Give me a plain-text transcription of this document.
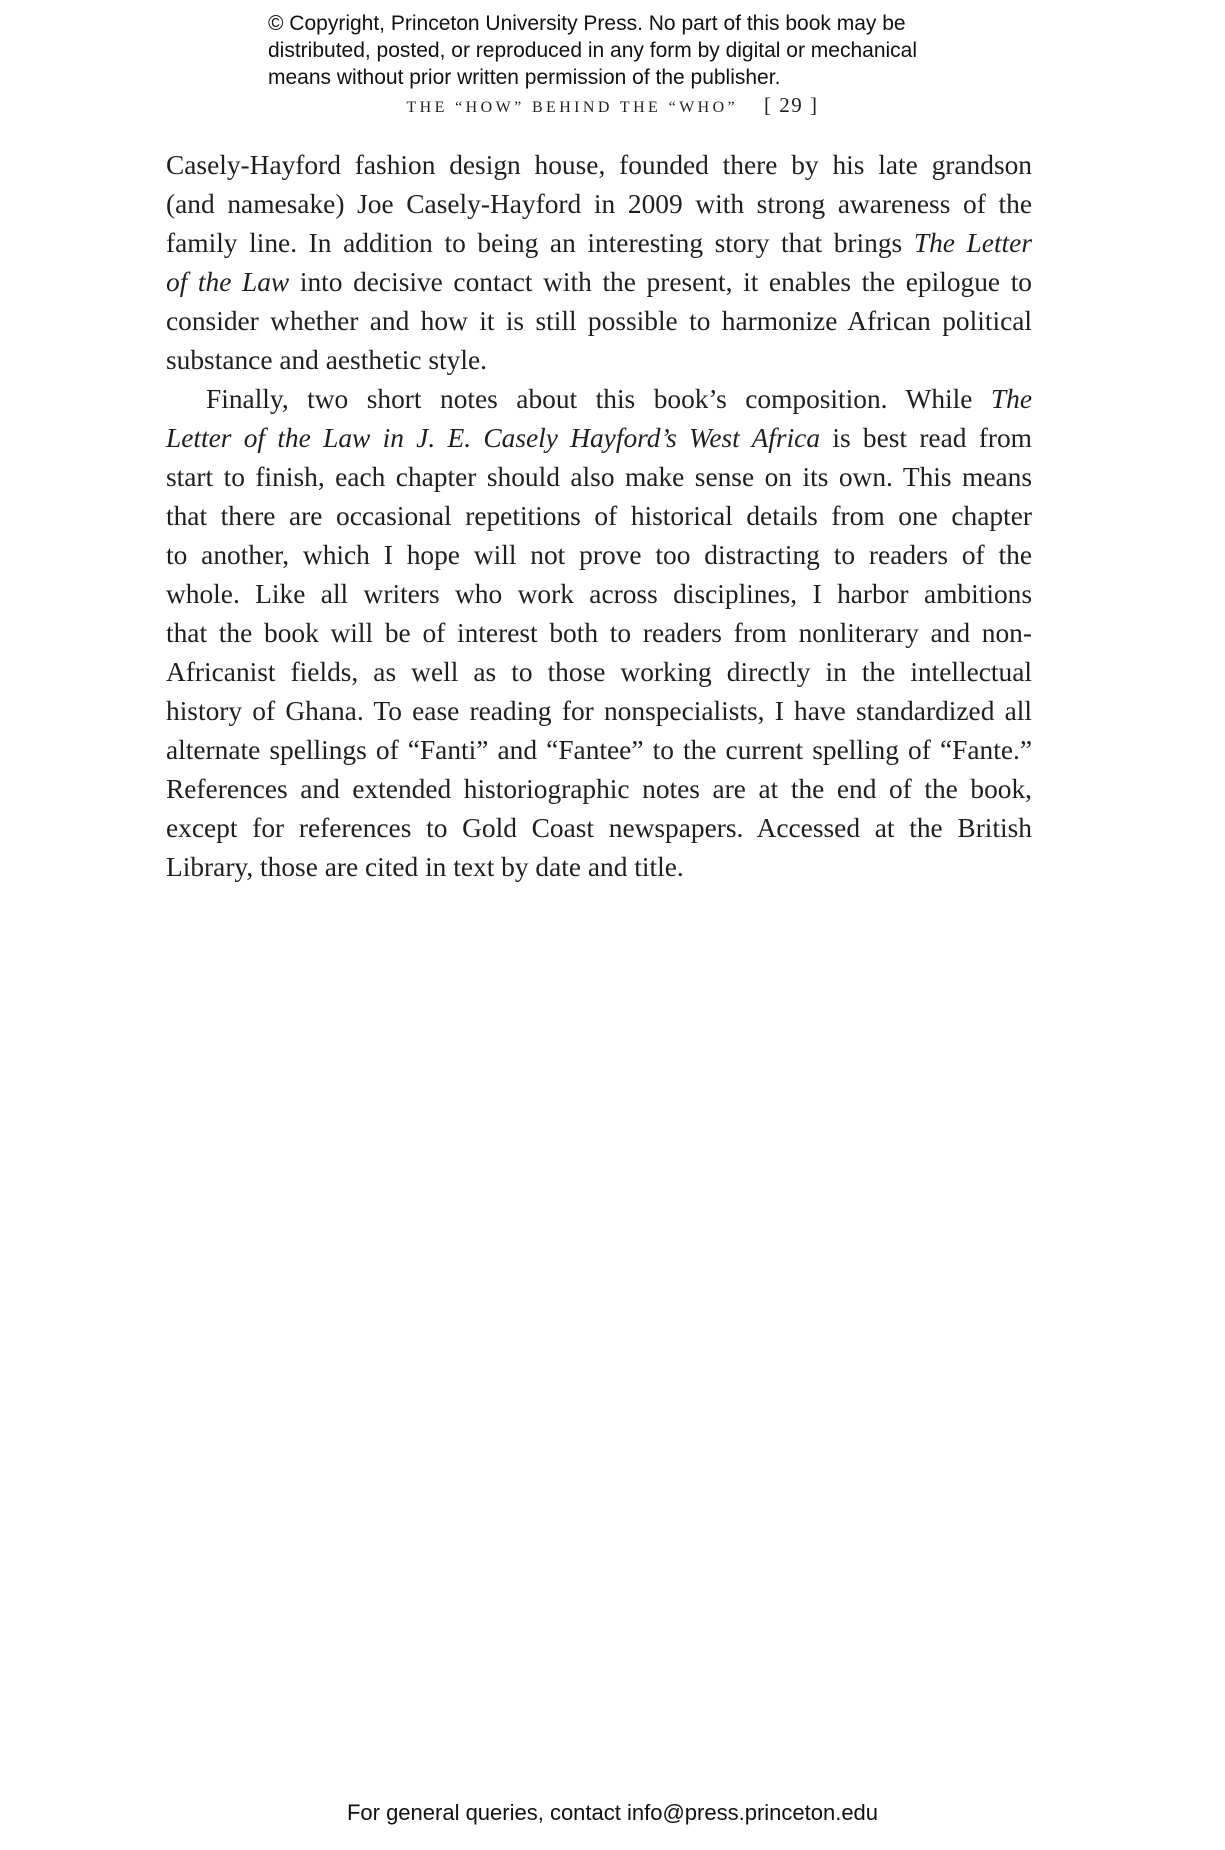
© Copyright, Princeton University Press. No part of this book may be
distributed, posted, or reproduced in any form by digital or mechanical
means without prior written permission of the publisher.
THE “HOW” BEHIND THE “WHO” [ 29 ]
Casely-Hayford fashion design house, founded there by his late grandson
(and namesake) Joe Casely-Hayford in 2009 with strong awareness of the
family line. In addition to being an interesting story that brings The Letter
of the Law into decisive contact with the present, it enables the epilogue to
consider whether and how it is still possible to harmonize African political
substance and aesthetic style.
Finally, two short notes about this book’s composition. While The
Letter of the Law in J. E. Casely Hayford’s West Africa is best read from
start to finish, each chapter should also make sense on its own. This means
that there are occasional repetitions of historical details from one chapter
to another, which I hope will not prove too distracting to readers of the
whole. Like all writers who work across disciplines, I harbor ambitions
that the book will be of interest both to readers from nonliterary and non-
Africanist fields, as well as to those working directly in the intellectual
history of Ghana. To ease reading for nonspecialists, I have standardized all
alternate spellings of “Fanti” and “Fantee” to the current spelling of “Fante.”
References and extended historiographic notes are at the end of the book,
except for references to Gold Coast newspapers. Accessed at the British
Library, those are cited in text by date and title.
For general queries, contact info@press.princeton.edu
